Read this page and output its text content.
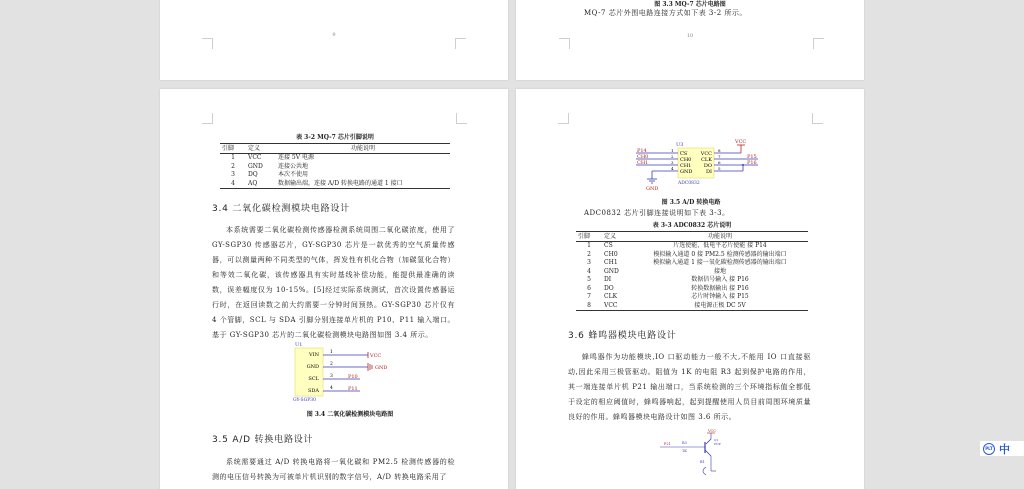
9
图 3.3 MQ-7 芯片电路图
MQ-7 芯片外围电路连接方式如下表 3-2 所示。
10
表 3-2 MQ-7 芯片引脚说明
引脚	定义	功能说明
1	VCC	连接 5V 电源
2	GND	连接公共地
3	DQ	本次不使用
4	AQ	数据输出端，连接 A/D 转换电路的通道 1 接口
3.4 二氧化碳检测模块电路设计

本系统需要二氧化碳检测传感器检测系统周围二氧化碳浓度，使用了 GY-SGP30 传感器芯片，GY-SGP30 芯片是一款优秀的空气质量传感器，可以测量两种不同类型的气体，挥发性有机化合物（加碳氢化合物）和等效二氧化碳，该传感器具有实时基线补偿功能，能提供最准确的读数，误差幅度仅为 10-15%。[5]经过实际系统测试，首次设置传感器运行时，在返回读数之前大约需要一分钟时间预热。GY-SGP30 芯片仅有 4 个管脚，SCL 与 SDA 引脚分别连接单片机的 P10、P11 输入端口。基于 GY-SGP30 芯片的二氧化碳检测模块电路图如图 3.4 所示。

U1
VIN
GND
SCL
SDA
1
2
3
4
VCC
GND
P10
P11
GY-SGP30
图 3.4 二氧化碳检测模块电路图
3.5 A/D 转换电路设计

系统需要通过 A/D 转换电路将一氧化碳和 PM2.5 检测传感器的检测的电压信号转换为可被单片机识别的数字信号，A/D 转换电路采用了

U3
GND
P14
CH0
CH1
1
2
3
4
CS
CH0
CH1
GND
VCC
CLK
DO
DI
VCC
8
7
6
5
P15
P16
ADC0832
图 3.5 A/D 转换电路
ADC0832 芯片引脚连接说明如下表 3-3。
表 3-3 ADC0832 芯片说明
引脚	定义	功能说明
1	CS	片选使能，低电平芯片使能 接 P14
2	CH0	模拟输入通道 0 接 PM2.5 检测传感器的输出端口
3	CH1	模拟输入通道 1 接一氧化碳检测传感器的输出端口
4	GND	接地
5	DI	数据信号输入 接 P16
6	DO	转换数据输出 接 P16
7	CLK	芯片时钟输入 接 P15
8	VCC	接电源正极 DC 5V
3.6 蜂鸣器模块电路设计

蜂鸣器作为功能模块,IO 口驱动能力一般不大,不能用 IO 口直接驱动,因此采用三极管驱动。阻值为 1K 的电阻 R3 起到保护电路的作用，其一端连接单片机 P21 输出端口，当系统检测的三个环境指标值全都低于设定的相应阈值时，蜂鸣器响起，起到提醒使用人员目前周围环境质量良好的作用。蜂鸣器模块电路设计如图 3.6 所示。

VCC
P21	R3
1K
Q1
PNP
B1
PLT 中
